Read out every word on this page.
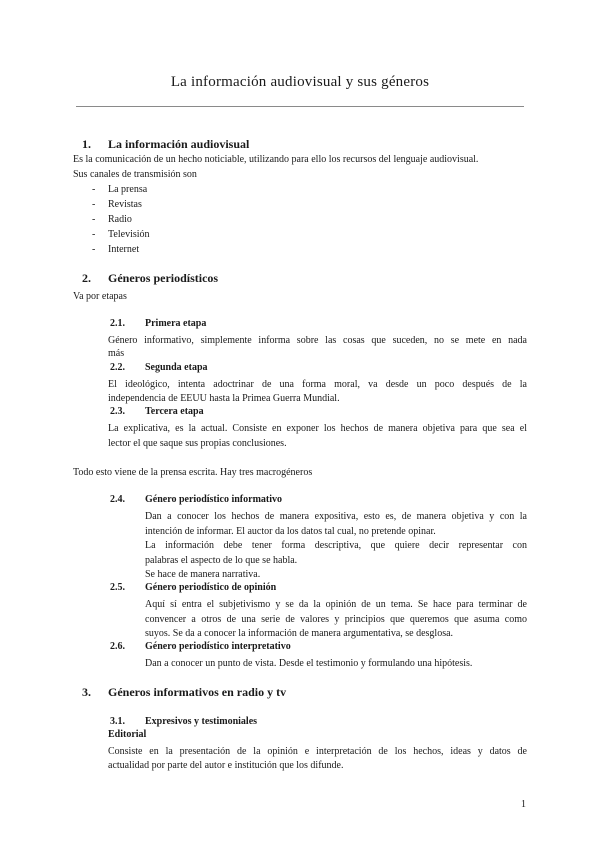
La información audiovisual y sus géneros
1. La información audiovisual
Es la comunicación de un hecho noticiable, utilizando para ello los recursos del lenguaje audiovisual.
Sus canales de transmisión son
- La prensa
- Revistas
- Radio
- Televisión
- Internet
2. Géneros periodísticos
Va por etapas
2.1. Primera etapa
Género informativo, simplemente informa sobre las cosas que suceden, no se mete en nada
más
2.2. Segunda etapa
El ideológico, intenta adoctrinar de una forma moral, va desde un poco después de la
independencia de EEUU hasta la Primea Guerra Mundial.
2.3. Tercera etapa
La explicativa, es la actual. Consiste en exponer los hechos de manera objetiva para que sea el
lector el que saque sus propias conclusiones.
Todo esto viene de la prensa escrita. Hay tres macrogéneros
2.4. Género periodístico informativo
Dan a conocer los hechos de manera expositiva, esto es, de manera objetiva y con la
intención de informar. El auctor da los datos tal cual, no pretende opinar.
La información debe tener forma descriptiva, que quiere decir representar con
palabras el aspecto de lo que se habla.
Se hace de manera narrativa.
2.5. Género periodístico de opinión
Aquí sí entra el subjetivismo y se da la opinión de un tema. Se hace para terminar de
convencer a otros de una serie de valores y principios que queremos que asuma como
suyos. Se da a conocer la información de manera argumentativa, se desglosa.
2.6. Género periodístico interpretativo
Dan a conocer un punto de vista. Desde el testimonio y formulando una hipótesis.
3. Géneros informativos en radio y tv
3.1. Expresivos y testimoniales
Editorial
Consiste en la presentación de la opinión e interpretación de los hechos, ideas y datos de
actualidad por parte del autor e institución que los difunde.
1
